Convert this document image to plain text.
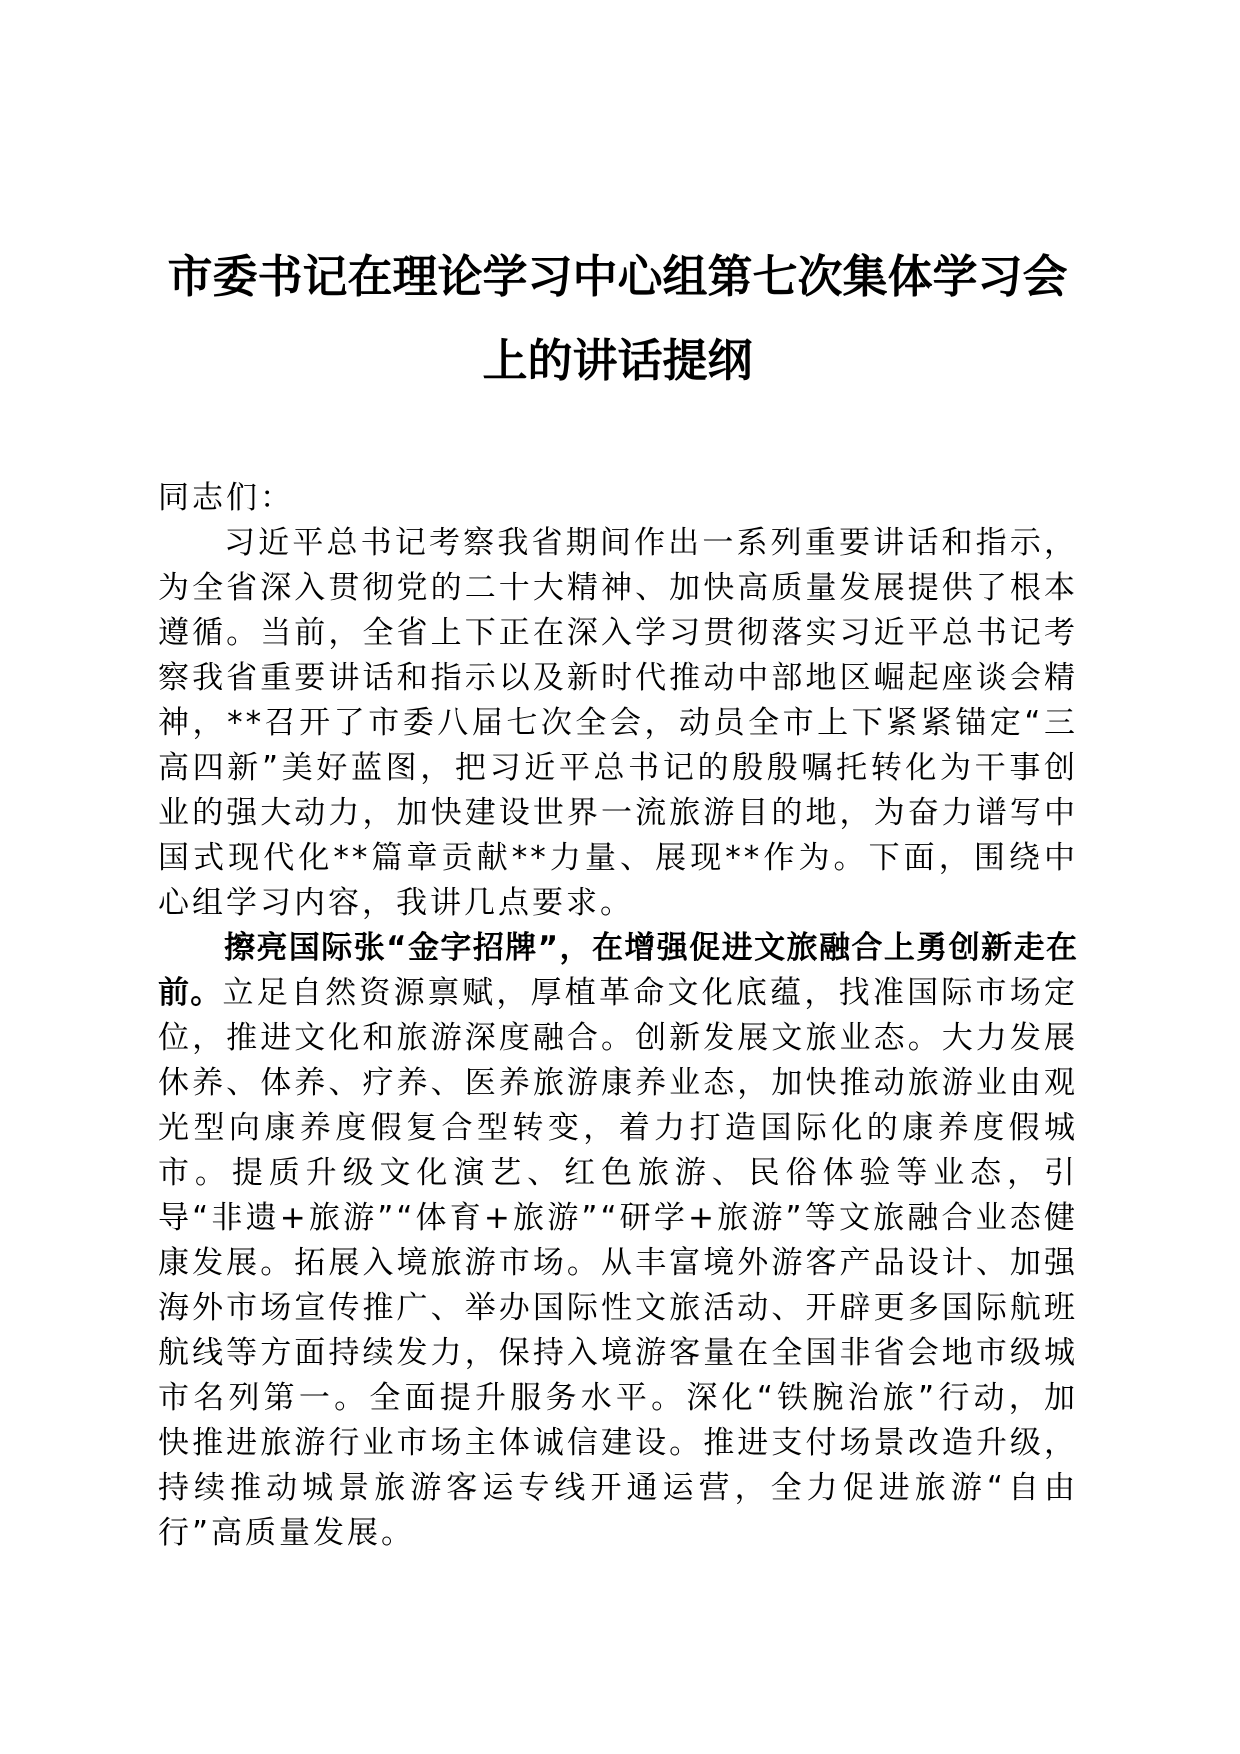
市委书记在理论学习中心组第七次集体学习会
上的讲话提纲

同志们：

习近平总书记考察我省期间作出一系列重要讲话和指示，为全省深入贯彻党的二十大精神、加快高质量发展提供了根本遵循。当前，全省上下正在深入学习贯彻落实习近平总书记考察我省重要讲话和指示以及新时代推动中部地区崛起座谈会精神，**召开了市委八届七次全会，动员全市上下紧紧锚定“三高四新”美好蓝图，把习近平总书记的殷殷嘱托转化为干事创业的强大动力，加快建设世界一流旅游目的地，为奋力谱写中国式现代化**篇章贡献**力量、展现**作为。下面，围绕中心组学习内容，我讲几点要求。

擦亮国际张“金字招牌”，在增强促进文旅融合上勇创新走在前。立足自然资源禀赋，厚植革命文化底蕴，找准国际市场定位，推进文化和旅游深度融合。创新发展文旅业态。大力发展休养、体养、疗养、医养旅游康养业态，加快推动旅游业由观光型向康养度假复合型转变，着力打造国际化的康养度假城市。提质升级文化演艺、红色旅游、民俗体验等业态，引导“非遗+旅游”“体育+旅游”“研学+旅游”等文旅融合业态健康发展。拓展入境旅游市场。从丰富境外游客产品设计、加强海外市场宣传推广、举办国际性文旅活动、开辟更多国际航班航线等方面持续发力，保持入境游客量在全国非省会地市级城市名列第一。全面提升服务水平。深化“铁腕治旅”行动，加快推进旅游行业市场主体诚信建设。推进支付场景改造升级，持续推动城景旅游客运专线开通运营，全力促进旅游“自由行”高质量发展。
